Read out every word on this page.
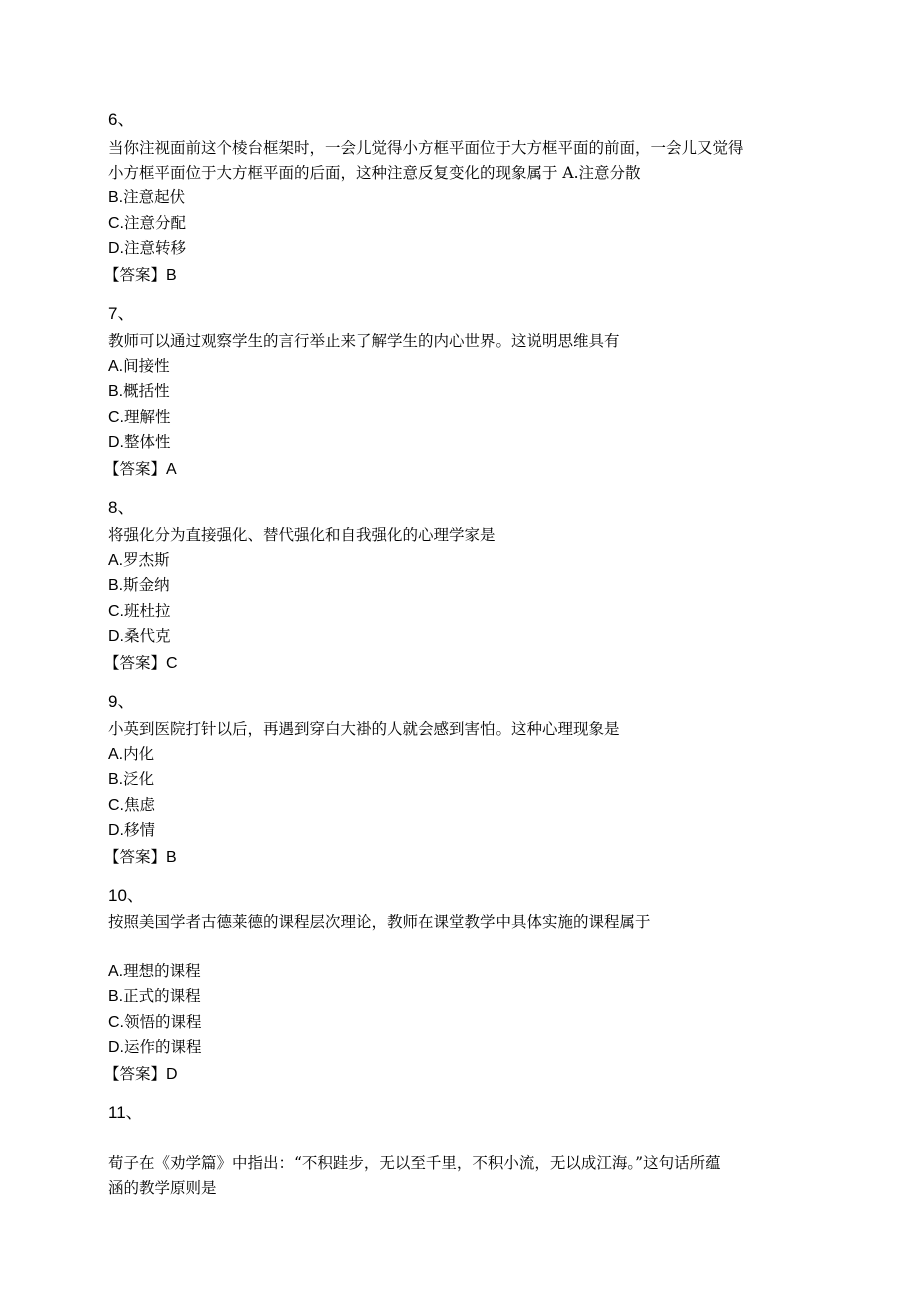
6、

当你注视面前这个棱台框架时，一会儿觉得小方框平面位于大方框平面的前面，一会儿又觉得

小方框平面位于大方框平面的后面，这种注意反复变化的现象属于 A.注意分散

B.注意起伏

C.注意分配

D.注意转移

【答案】B

7、

教师可以通过观察学生的言行举止来了解学生的内心世界。这说明思维具有

A.间接性

B.概括性

C.理解性

D.整体性

【答案】A

8、

将强化分为直接强化、替代强化和自我强化的心理学家是

A.罗杰斯

B.斯金纳

C.班杜拉

D.桑代克

【答案】C

9、

小英到医院打针以后，再遇到穿白大褂的人就会感到害怕。这种心理现象是

A.内化

B.泛化

C.焦虑

D.移情

【答案】B

10、

按照美国学者古德莱德的课程层次理论，教师在课堂教学中具体实施的课程属于

A.理想的课程

B.正式的课程

C.领悟的课程

D.运作的课程

【答案】D

11、

荀子在《劝学篇》中指出：“不积跬步，无以至千里，不积小流，无以成江海。”这句话所蕴

涵的教学原则是
